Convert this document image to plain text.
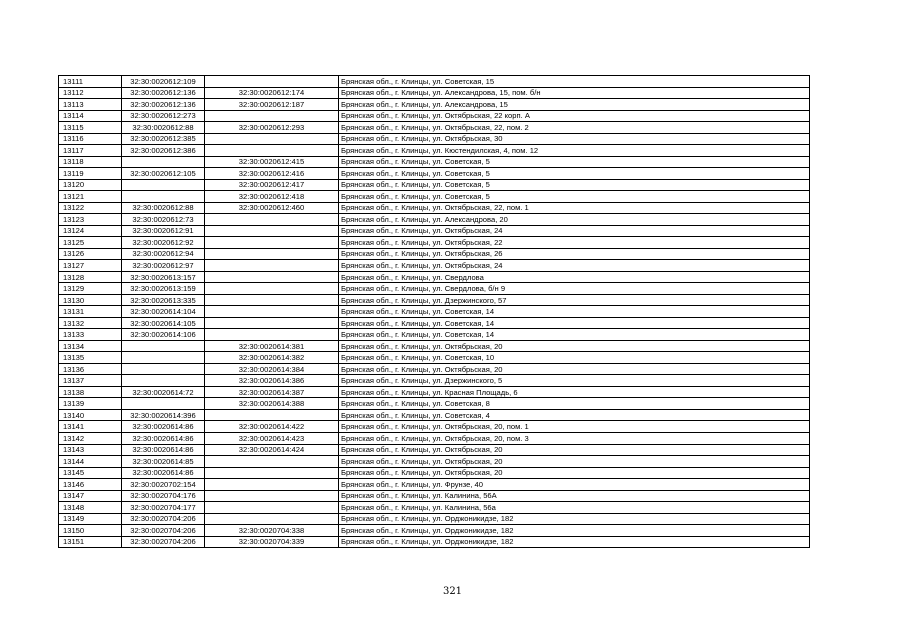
13111	32:30:0020612:109		Брянская обл., г. Клинцы, ул. Советская, 15
13112	32:30:0020612:136	32:30:0020612:174	Брянская обл., г. Клинцы, ул. Александрова, 15, пом. б/н
13113	32:30:0020612:136	32:30:0020612:187	Брянская обл., г. Клинцы, ул. Александрова, 15
13114	32:30:0020612:273		Брянская обл., г. Клинцы, ул. Октябрьская, 22 корп. А
13115	32:30:0020612:88	32:30:0020612:293	Брянская обл., г. Клинцы, ул. Октябрьская, 22, пом. 2
13116	32:30:0020612:385		Брянская обл., г. Клинцы, ул. Октябрьская, 30
13117	32:30:0020612:386		Брянская обл., г. Клинцы, ул. Кюстендилская, 4, пом. 12
13118		32:30:0020612:415	Брянская обл., г. Клинцы, ул. Советская, 5
13119	32:30:0020612:105	32:30:0020612:416	Брянская обл., г. Клинцы, ул. Советская, 5
13120		32:30:0020612:417	Брянская обл., г. Клинцы, ул. Советская, 5
13121		32:30:0020612:418	Брянская обл., г. Клинцы, ул. Советская, 5
13122	32:30:0020612:88	32:30:0020612:460	Брянская обл., г. Клинцы, ул. Октябрьская, 22, пом. 1
13123	32:30:0020612:73		Брянская обл., г. Клинцы, ул. Александрова, 20
13124	32:30:0020612:91		Брянская обл., г. Клинцы, ул. Октябрьская, 24
13125	32:30:0020612:92		Брянская обл., г. Клинцы, ул. Октябрьская, 22
13126	32:30:0020612:94		Брянская обл., г. Клинцы, ул. Октябрьская, 26
13127	32:30:0020612:97		Брянская обл., г. Клинцы, ул. Октябрьская, 24
13128	32:30:0020613:157		Брянская обл., г. Клинцы, ул. Свердлова
13129	32:30:0020613:159		Брянская обл., г. Клинцы, ул. Свердлова, б/н 9
13130	32:30:0020613:335		Брянская обл., г. Клинцы, ул. Дзержинского, 57
13131	32:30:0020614:104		Брянская обл., г. Клинцы, ул. Советская, 14
13132	32:30:0020614:105		Брянская обл., г. Клинцы, ул. Советская, 14
13133	32:30:0020614:106		Брянская обл., г. Клинцы, ул. Советская, 14
13134		32:30:0020614:381	Брянская обл., г. Клинцы, ул. Октябрьская, 20
13135		32:30:0020614:382	Брянская обл., г. Клинцы, ул. Советская, 10
13136		32:30:0020614:384	Брянская обл., г. Клинцы, ул. Октябрьская, 20
13137		32:30:0020614:386	Брянская обл., г. Клинцы, ул. Дзержинского, 5
13138	32:30:0020614:72	32:30:0020614:387	Брянская обл., г. Клинцы, ул. Красная Площадь, 6
13139		32:30:0020614:388	Брянская обл., г. Клинцы, ул. Советская, 8
13140	32:30:0020614:396		Брянская обл., г. Клинцы, ул. Советская, 4
13141	32:30:0020614:86	32:30:0020614:422	Брянская обл., г. Клинцы, ул. Октябрьская, 20, пом. 1
13142	32:30:0020614:86	32:30:0020614:423	Брянская обл., г. Клинцы, ул. Октябрьская, 20, пом. 3
13143	32:30:0020614:86	32:30:0020614:424	Брянская обл., г. Клинцы, ул. Октябрьская, 20
13144	32:30:0020614:85		Брянская обл., г. Клинцы, ул. Октябрьская, 20
13145	32:30:0020614:86		Брянская обл., г. Клинцы, ул. Октябрьская, 20
13146	32:30:0020702:154		Брянская обл., г. Клинцы, ул. Фрунзе, 40
13147	32:30:0020704:176		Брянская обл., г. Клинцы, ул. Калинина, 56А
13148	32:30:0020704:177		Брянская обл., г. Клинцы, ул. Калинина, 56а
13149	32:30:0020704:206		Брянская обл., г. Клинцы, ул. Орджоникидзе, 182
13150	32:30:0020704:206	32:30:0020704:338	Брянская обл., г. Клинцы, ул. Орджоникидзе, 182
13151	32:30:0020704:206	32:30:0020704:339	Брянская обл., г. Клинцы, ул. Орджоникидзе, 182
321
